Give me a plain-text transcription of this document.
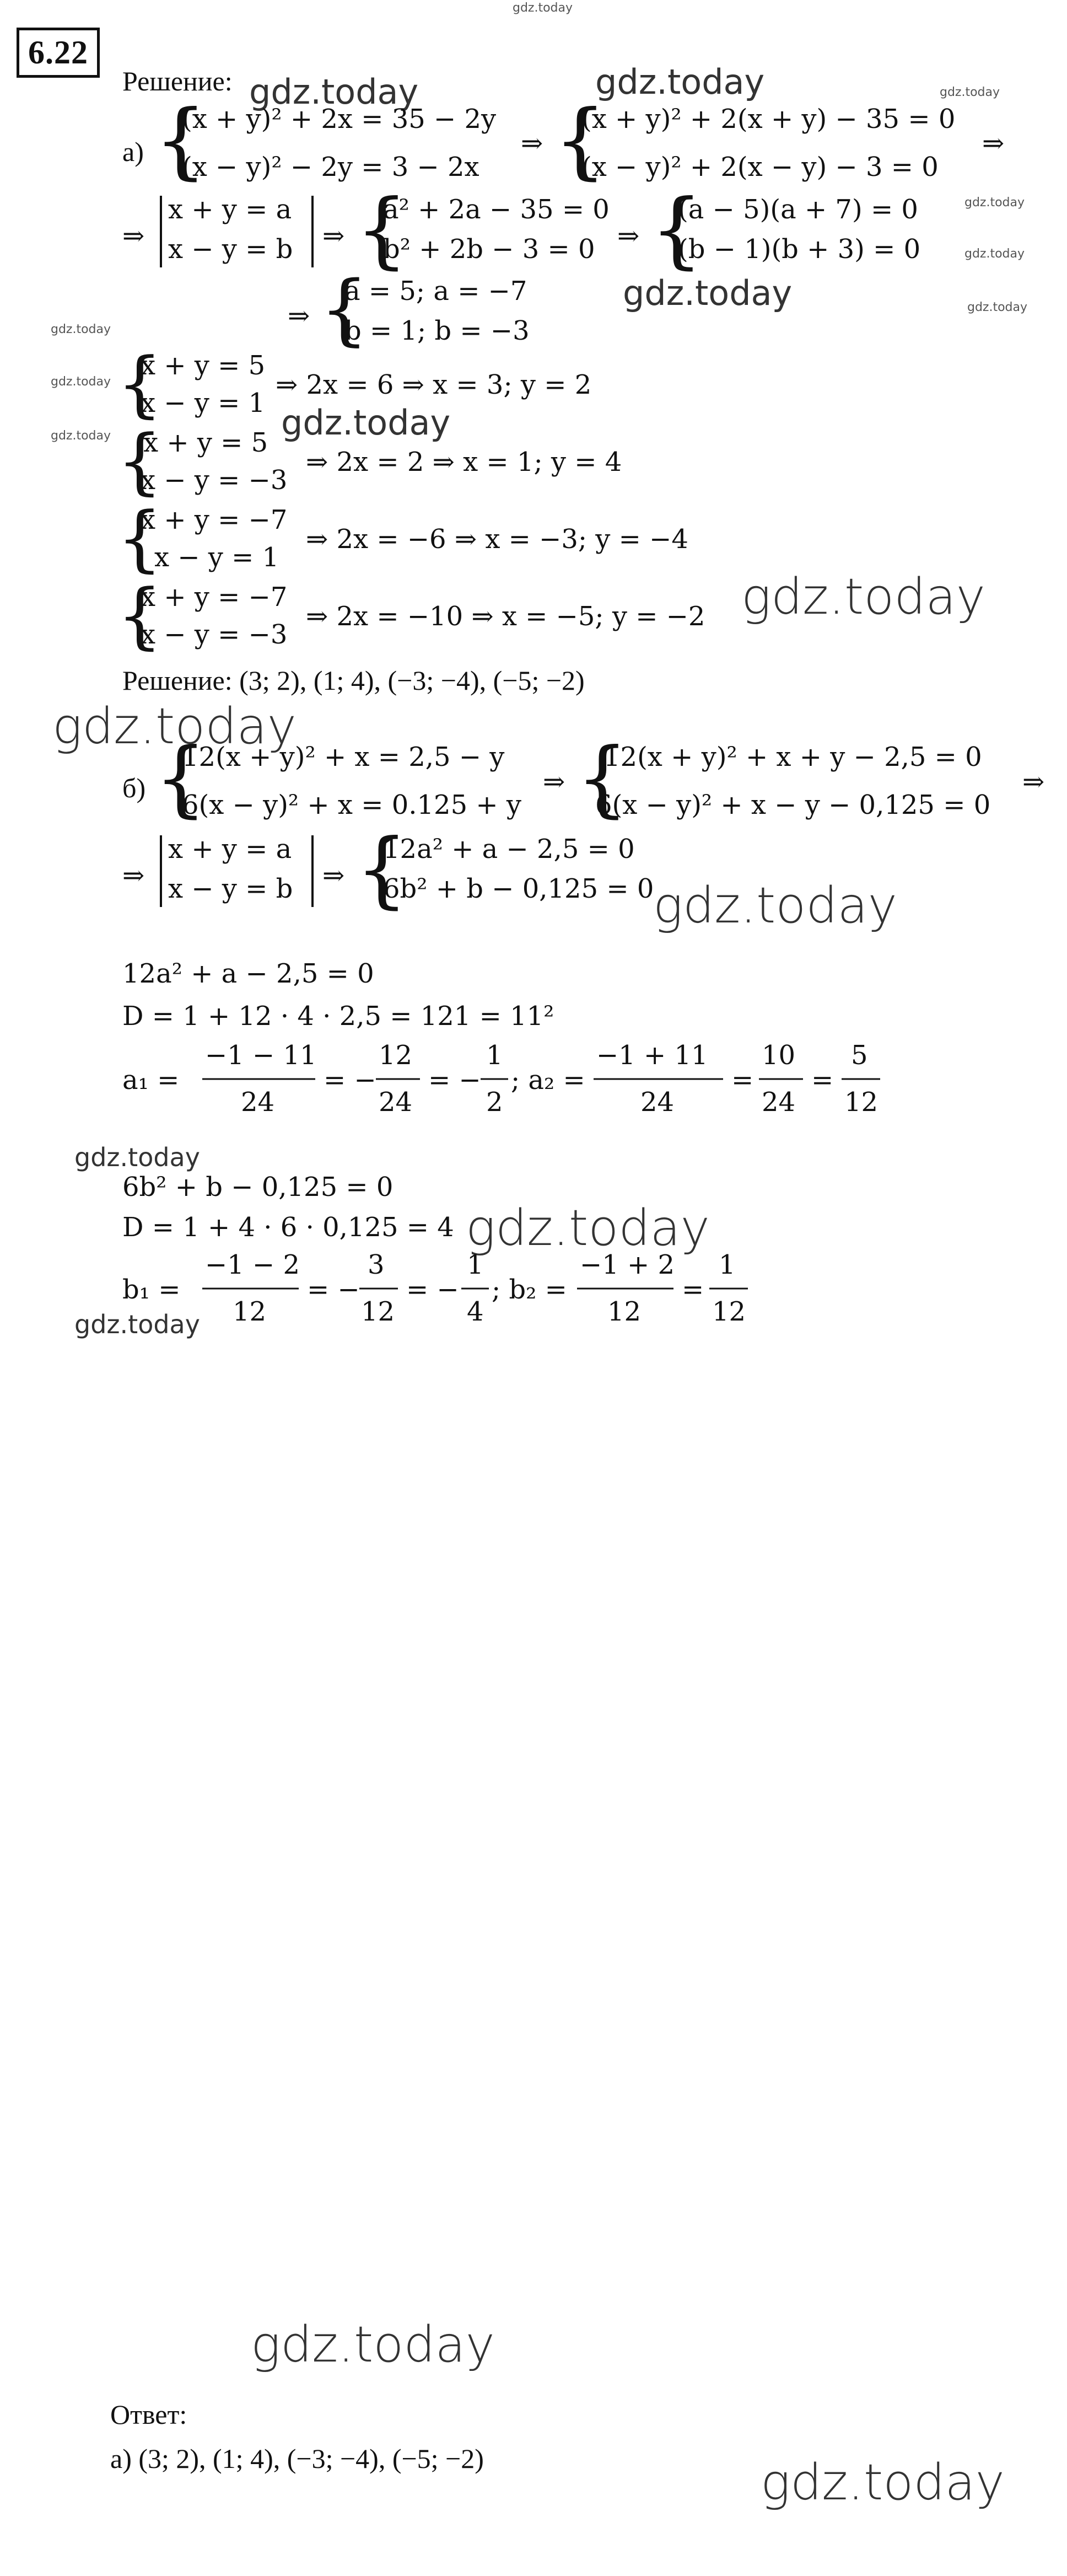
gdz.today
6.22
Решение: gdz.today	gdz.today	gdz.today
а) {
(x + y)² + 2x = 35 − 2y
(x − y)² − 2y = 3 − 2x
⇒ {
(x + y)² + 2(x + y) − 35 = 0
(x − y)² + 2(x − y) − 3 = 0
⇒
⇒
x + y = a
x − y = b ⇒ {
a² + 2a − 35 = 0
b² + 2b − 3 = 0 ⇒ {
(a − 5)(a + 7) = 0
(b − 1)(b + 3) = 0
gdz.today
gdz.today
⇒ {
a = 5; a = −7
b = 1; b = −3
gdz.today	gdz.today
gdz.today
gdz.today
gdz.today
{
x + y = 5
x − y = 1
⇒ 2x = 6 ⇒ x = 3; y = 2
gdz.today
{
x + y = 5
x − y = −3
⇒ 2x = 2 ⇒ x = 1; y = 4
{
x + y = −7
x − y = 1
⇒ 2x = −6 ⇒ x = −3; y = −4
{
x + y = −7
x − y = −3
⇒ 2x = −10 ⇒ x = −5; y = −2 gdz.today
Решение: (3; 2), (1; 4), (−3; −4), (−5; −2)
gdz.today
б) {
12(x + y)² + x = 2,5 − y
6(x − y)² + x = 0.125 + y
⇒ {
12(x + y)² + x + y − 2,5 = 0
6(x − y)² + x − y − 0,125 = 0
⇒
⇒
x + y = a
x − y = b ⇒ {
12a² + a − 2,5 = 0
6b² + b − 0,125 = 0
gdz.today
12a² + a − 2,5 = 0
D = 1 + 12 · 4 · 2,5 = 121 = 11²
a₁ =
−1 − 11
24
= −
12
24
= −
1
2
; a₂ =
−1 + 11
24
=
10
24
=
5
12
gdz.today
6b² + b − 0,125 = 0
D = 1 + 4 · 6 · 0,125 = 4 gdz.today
b₁ =
−1 − 2
12
= −
3
12
= −
1
4
; b₂ =
−1 + 2
12
=
1
12
gdz.today
Ответ:
а) (3; 2), (1; 4), (−3; −4), (−5; −2)	gdz.today
gdz.today
